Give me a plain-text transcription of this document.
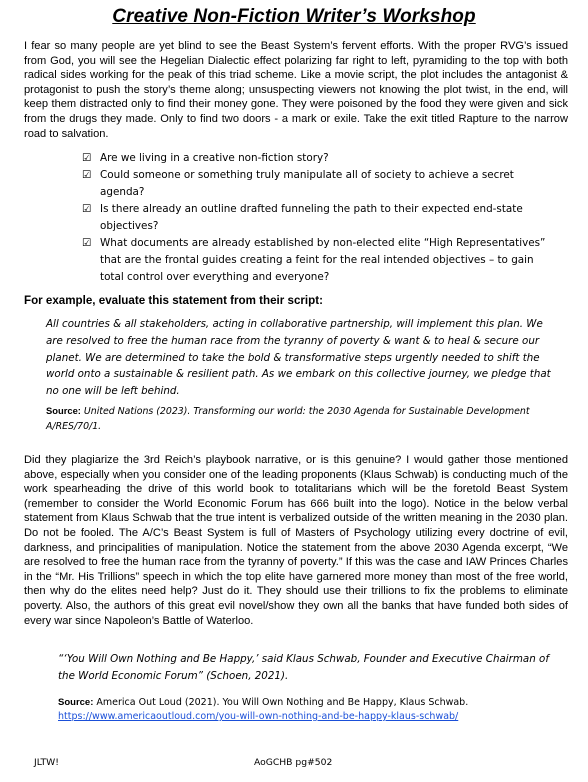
Creative Non-Fiction Writer’s Workshop
I fear so many people are yet blind to see the Beast System’s fervent efforts. With the proper RVG’s issued from God, you will see the Hegelian Dialectic effect polarizing far right to left, pyramiding to the top with both radical sides working for the peak of this triad scheme. Like a movie script, the plot includes the antagonist & protagonist to push the story’s theme along; unsuspecting viewers not knowing the plot twist, in the end, will keep them distracted only to find their money gone. They were poisoned by the food they were given and sick from the drugs they made. Only to find two doors - a mark or exile. Take the exit titled Rapture to the narrow road to salvation.
☑ Are we living in a creative non-fiction story?
☑ Could someone or something truly manipulate all of society to achieve a secret agenda?
☑ Is there already an outline drafted funneling the path to their expected end-state objectives?
☑ What documents are already established by non-elected elite “High Representatives” that are the frontal guides creating a feint for the real intended objectives – to gain total control over everything and everyone?
For example, evaluate this statement from their script:
All countries & all stakeholders, acting in collaborative partnership, will implement this plan. We are resolved to free the human race from the tyranny of poverty & want & to heal & secure our planet. We are determined to take the bold & transformative steps urgently needed to shift the world onto a sustainable & resilient path. As we embark on this collective journey, we pledge that no one will be left behind.
Source: United Nations (2023). Transforming our world: the 2030 Agenda for Sustainable Development A/RES/70/1.
Did they plagiarize the 3rd Reich’s playbook narrative, or is this genuine? I would gather those mentioned above, especially when you consider one of the leading proponents (Klaus Schwab) is conducting much of the work spearheading the drive of this world book to totalitarians which will be the foretold Beast System (remember to consider the World Economic Forum has 666 built into the logo). Notice in the below verbal statement from Klaus Schwab that the true intent is verbalized outside of the written meaning in the 2030 plan. Do not be fooled. The A/C’s Beast System is full of Masters of Psychology utilizing every doctrine of evil, darkness, and principalities of manipulation. Notice the statement from the above 2030 Agenda excerpt, “We are resolved to free the human race from the tyranny of poverty.” If this was the case and IAW Princes Charles in the “Mr. His Trillions” speech in which the top elite have garnered more money than most of the free world, then why do the elites need help? Just do it. They should use their trillions to fix the problems to eliminate poverty. Also, the authors of this great evil novel/show they own all the banks that have funded both sides of every war since Napoleon’s Battle of Waterloo.
“‘You Will Own Nothing and Be Happy,’ said Klaus Schwab, Founder and Executive Chairman of the World Economic Forum” (Schoen, 2021).
Source: America Out Loud (2021). You Will Own Nothing and Be Happy, Klaus Schwab.
https://www.americaoutloud.com/you-will-own-nothing-and-be-happy-klaus-schwab/
JLTW!	AoGCHB pg#502
